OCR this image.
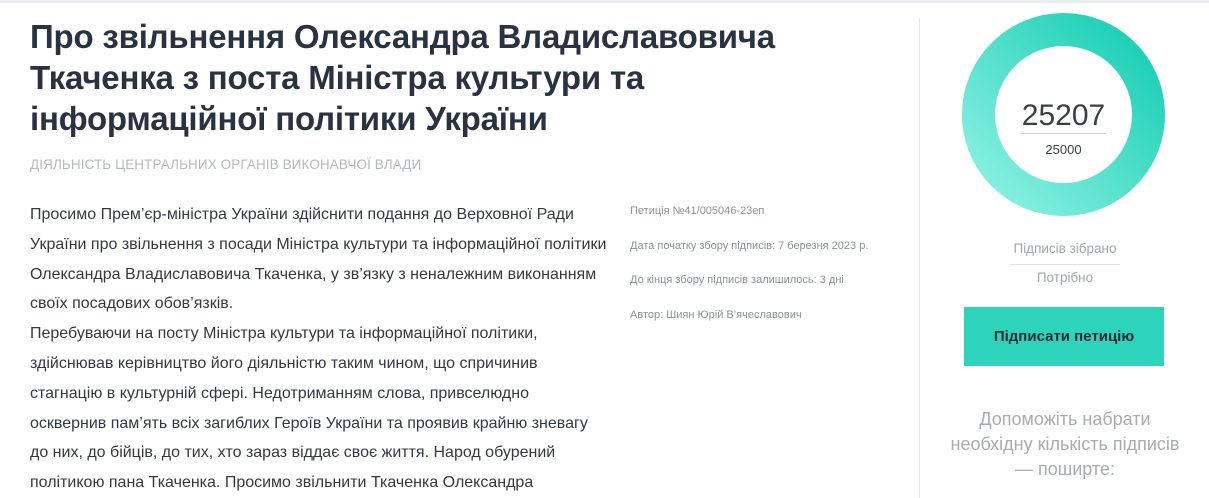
Про звільнення Олександра Владиславовича Ткаченка з поста Міністра культури та інформаційної політики України
ДІЯЛЬНІСТЬ ЦЕНТРАЛЬНИХ ОРГАНІВ ВИКОНАВЧОЇ ВЛАДИ

Просимо Прем’єр-міністра України здійснити подання до Верховної Ради

України про звільнення з посади Міністра культури та інформаційної політики

Олександра Владиславовича Ткаченка, у зв’язку з неналежним виконанням

своїх посадових обов’язків.

Перебуваючи на посту Міністра культури та інформаційної політики,

здійснював керівництво його діяльністю таким чином, що спричинив

стагнацію в культурній сфері. Недотриманням слова, привселюдно

осквернив пам’ять всіх загиблих Героїв України та проявив крайню зневагу

до них, до бійців, до тих, хто зараз віддає своє життя. Народ обурений

політикою пана Ткаченка. Просимо звільнити Ткаченка Олександра

Петиція №41/005046-23еп
Дата початку збору підписів: 7 березня 2023 р.
До кінця збору підписів залишилось: 3 дні
Автор: Шиян Юрій В’ячеславович
25207
25000
Підписів зібрано
Потрібно
Підписати петицію
Допоможіть набрати
необхідну кількість підписів
— поширте:
